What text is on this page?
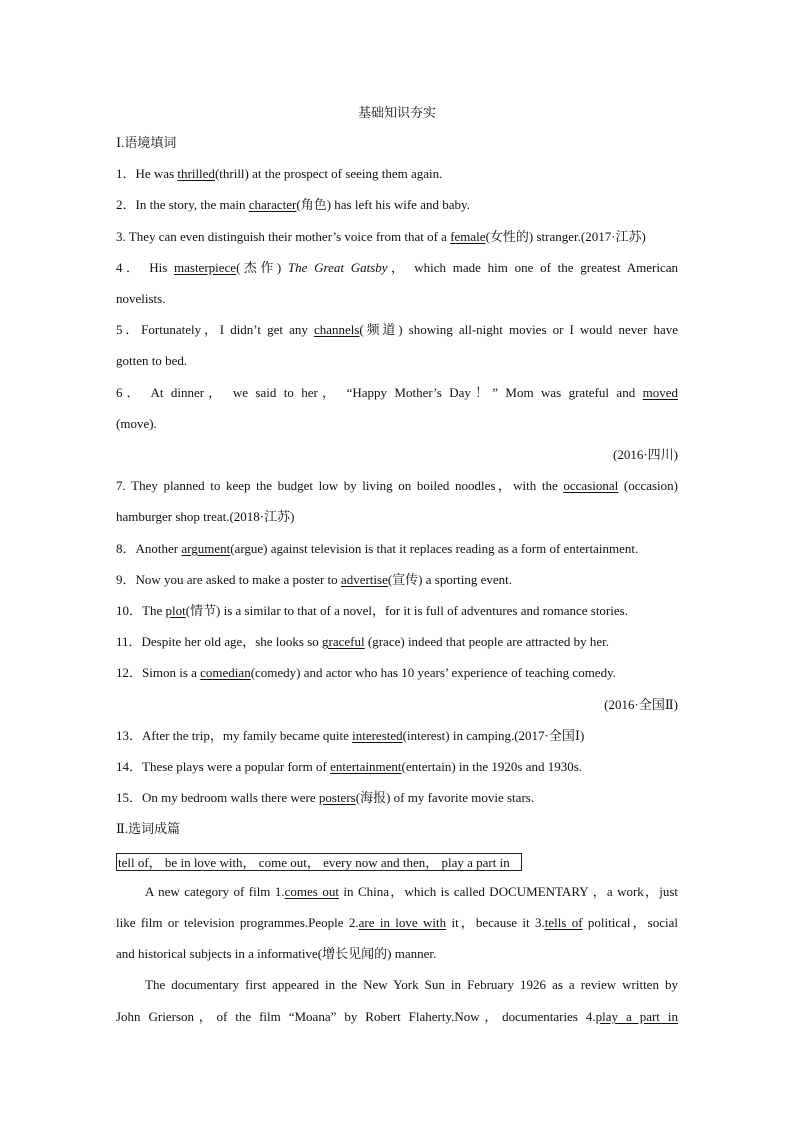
基础知识夯实
Ⅰ.语境填词
1．He was thrilled(thrill) at the prospect of seeing them again.
2．In the story, the main character(角色) has left his wife and baby.
3. They can even distinguish their mother’s voice from that of a female(女性的) stranger.(2017·江苏)
4． His masterpiece(杰作) The Great Gatsby， which made him one of the greatest American
novelists.
5．Fortunately，I didn’t get any channels(频道) showing all-night movies or I would never have
gotten to bed.
6． At dinner， we said to her， “Happy Mother’s Day！” Mom was grateful and moved
(move).
(2016·四川)
7. They planned to keep the budget low by living on boiled noodles，with the occasional (occasion)
hamburger shop treat.(2018·江苏)
8．Another argument(argue) against television is that it replaces reading as a form of entertainment.
9．Now you are asked to make a poster to advertise(宣传) a sporting event.
10．The plot(情节) is a similar to that of a novel，for it is full of adventures and romance stories.
11．Despite her old age，she looks so graceful (grace) indeed that people are attracted by her.
12．Simon is a comedian(comedy) and actor who has 10 years’ experience of teaching comedy.
(2016·全国Ⅱ)
13．After the trip，my family became quite interested(interest) in camping.(2017·全国Ⅰ)
14．These plays were a popular form of entertainment(entertain) in the 1920s and 1930s.
15．On my bedroom walls there were posters(海报) of my favorite movie stars.
Ⅱ.选词成篇
tell of， be in love with， come out， every now and then， play a part in
A new category of film 1.comes out in China，which is called DOCUMENTARY ，a work，just
like film or television programmes.People 2.are in love with it，because it 3.tells of political，social
and historical subjects in a informative(增长见闻的) manner.
The documentary first appeared in the New York Sun in February 1926 as a review written by
John Grierson，of the film “Moana” by Robert Flaherty.Now，documentaries 4.play a part in
